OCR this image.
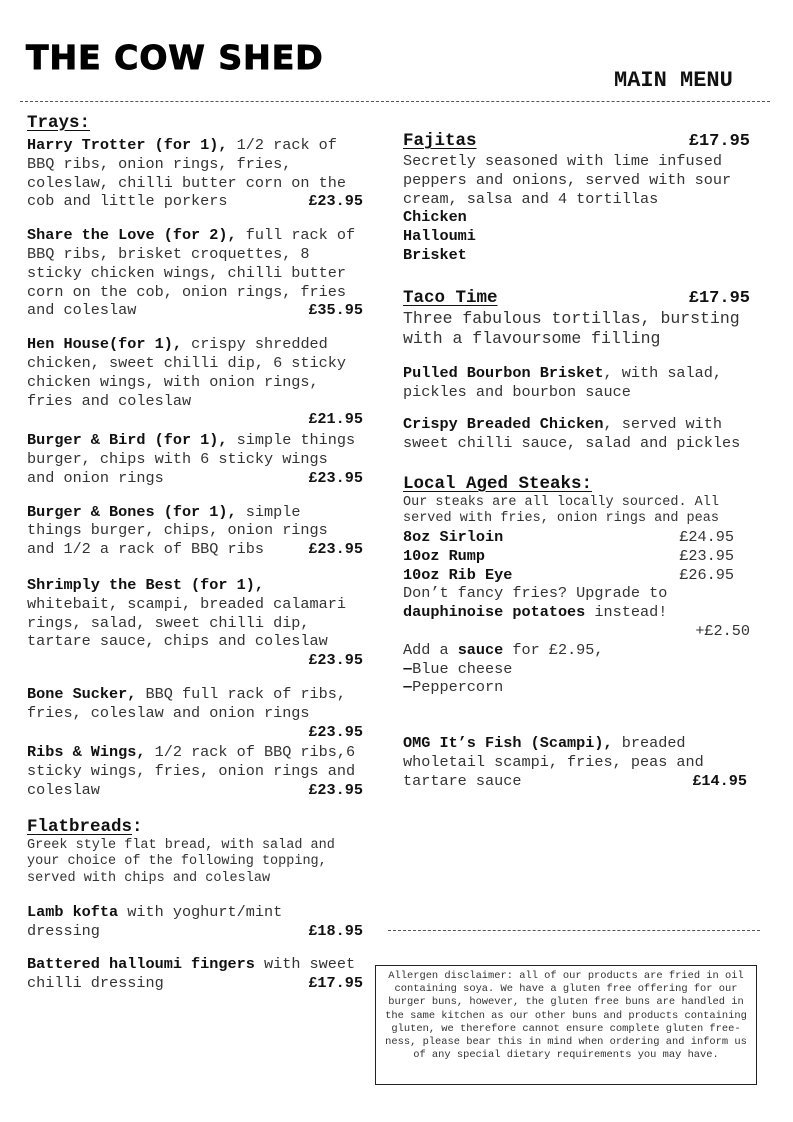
THE COW SHED
MAIN MENU
Trays:
Harry Trotter (for 1), 1/2 rack of BBQ ribs, onion rings, fries, coleslaw, chilli butter corn on the cob and little porkers	£23.95
Share the Love (for 2), full rack of BBQ ribs, brisket croquettes, 8 sticky chicken wings, chilli butter corn on the cob, onion rings, fries and coleslaw	£35.95
Hen House(for 1), crispy shredded chicken, sweet chilli dip, 6 sticky chicken wings, with onion rings, fries and coleslaw
£21.95
Burger & Bird (for 1), simple things burger, chips with 6 sticky wings and onion rings	£23.95
Burger & Bones (for 1), simple things burger, chips, onion rings and 1/2 a rack of BBQ ribs	£23.95
Shrimply the Best (for 1), whitebait, scampi, breaded calamari rings, salad, sweet chilli dip, tartare sauce, chips and coleslaw
£23.95
Bone Sucker, BBQ full rack of ribs, fries, coleslaw and onion rings
£23.95
Ribs & Wings, 1/2 rack of BBQ ribs,6 sticky wings, fries, onion rings and coleslaw	£23.95
Flatbreads:
Greek style flat bread, with salad and your choice of the following topping, served with chips and coleslaw
Lamb kofta with yoghurt/mint dressing	£18.95
Battered halloumi fingers with sweet chilli dressing	£17.95
Fajitas	£17.95
Secretly seasoned with lime infused peppers and onions, served with sour cream, salsa and 4 tortillas
Chicken
Halloumi
Brisket
Taco Time	£17.95
Three fabulous tortillas, bursting with a flavoursome filling
Pulled Bourbon Brisket, with salad, pickles and bourbon sauce
Crispy Breaded Chicken, served with sweet chilli sauce, salad and pickles
Local Aged Steaks:
Our steaks are all locally sourced. All served with fries, onion rings and peas
8oz Sirloin	£24.95
10oz Rump	£23.95
10oz Rib Eye	£26.95
Don’t fancy fries? Upgrade to
dauphinoise potatoes instead!
+£2.50
Add a sauce for £2.95,
‒ Blue cheese
‒ Peppercorn
OMG It’s Fish (Scampi), breaded wholetail scampi, fries, peas and tartare sauce	£14.95
Allergen disclaimer: all of our products are fried in oil containing soya. We have a gluten free offering for our burger buns, however, the gluten free buns are handled in the same kitchen as our other buns and products containing gluten, we therefore cannot ensure complete gluten free-ness, please bear this in mind when ordering and inform us of any special dietary requirements you may have.
